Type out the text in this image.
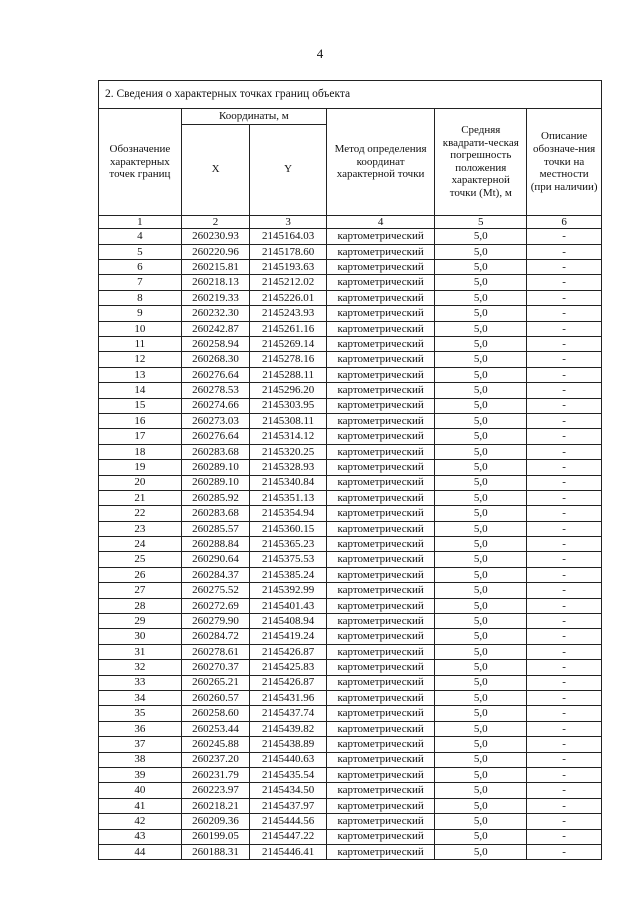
4
2. Сведения о характерных точках границ объекта					
Обозначение характерных точек границ	Координаты, м		Метод определения координат характерной точки	Средняя квадрати-ческая погрешность положения характерной точки (Mt), м	Описание обозначе-ния точки на местности (при наличии)
	X	Y			
1	2	3	4	5	6
4	260230.93	2145164.03	картометрический	5,0	-
5	260220.96	2145178.60	картометрический	5,0	-
6	260215.81	2145193.63	картометрический	5,0	-
7	260218.13	2145212.02	картометрический	5,0	-
8	260219.33	2145226.01	картометрический	5,0	-
9	260232.30	2145243.93	картометрический	5,0	-
10	260242.87	2145261.16	картометрический	5,0	-
11	260258.94	2145269.14	картометрический	5,0	-
12	260268.30	2145278.16	картометрический	5,0	-
13	260276.64	2145288.11	картометрический	5,0	-
14	260278.53	2145296.20	картометрический	5,0	-
15	260274.66	2145303.95	картометрический	5,0	-
16	260273.03	2145308.11	картометрический	5,0	-
17	260276.64	2145314.12	картометрический	5,0	-
18	260283.68	2145320.25	картометрический	5,0	-
19	260289.10	2145328.93	картометрический	5,0	-
20	260289.10	2145340.84	картометрический	5,0	-
21	260285.92	2145351.13	картометрический	5,0	-
22	260283.68	2145354.94	картометрический	5,0	-
23	260285.57	2145360.15	картометрический	5,0	-
24	260288.84	2145365.23	картометрический	5,0	-
25	260290.64	2145375.53	картометрический	5,0	-
26	260284.37	2145385.24	картометрический	5,0	-
27	260275.52	2145392.99	картометрический	5,0	-
28	260272.69	2145401.43	картометрический	5,0	-
29	260279.90	2145408.94	картометрический	5,0	-
30	260284.72	2145419.24	картометрический	5,0	-
31	260278.61	2145426.87	картометрический	5,0	-
32	260270.37	2145425.83	картометрический	5,0	-
33	260265.21	2145426.87	картометрический	5,0	-
34	260260.57	2145431.96	картометрический	5,0	-
35	260258.60	2145437.74	картометрический	5,0	-
36	260253.44	2145439.82	картометрический	5,0	-
37	260245.88	2145438.89	картометрический	5,0	-
38	260237.20	2145440.63	картометрический	5,0	-
39	260231.79	2145435.54	картометрический	5,0	-
40	260223.97	2145434.50	картометрический	5,0	-
41	260218.21	2145437.97	картометрический	5,0	-
42	260209.36	2145444.56	картометрический	5,0	-
43	260199.05	2145447.22	картометрический	5,0	-
44	260188.31	2145446.41	картометрический	5,0	-
